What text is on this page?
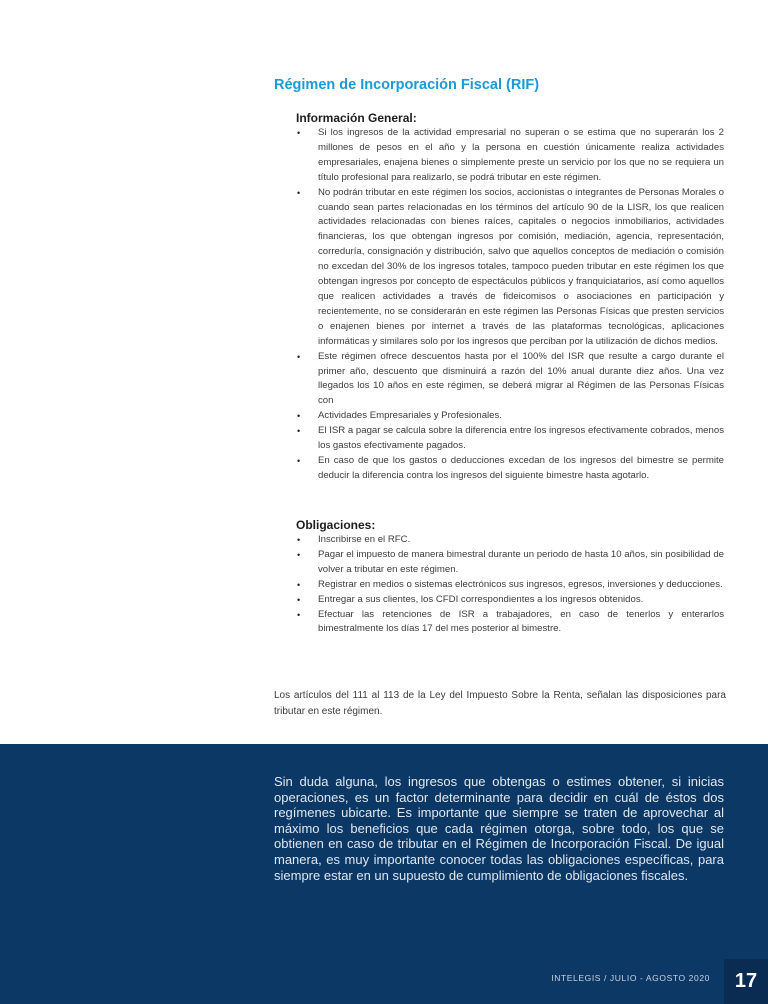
Régimen de Incorporación Fiscal (RIF)
Información General:
• Si los ingresos de la actividad empresarial no superan o se estima que no superarán los 2 millones de pesos en el año y la persona en cuestión únicamente realiza actividades empresariales, enajena bienes o simplemente preste un servicio por los que no se requiera un título profesional para realizarlo, se podrá tributar en este régimen.
• No podrán tributar en este régimen los socios, accionistas o integrantes de Personas Morales o cuando sean partes relacionadas en los términos del artículo 90 de la LISR, los que realicen actividades relacionadas con bienes raíces, capitales o negocios inmobiliarios, actividades financieras, los que obtengan ingresos por comisión, mediación, agencia, representación, correduría, consignación y distribución, salvo que aquellos conceptos de mediación o comisión no excedan del 30% de los ingresos totales, tampoco pueden tributar en este régimen los que obtengan ingresos por concepto de espectáculos públicos y franquiciatarios, así como aquellos que realicen actividades a través de fideicomisos o asociaciones en participación y recientemente, no se considerarán en este régimen las Personas Físicas que presten servicios o enajenen bienes por internet a través de las plataformas tecnológicas, aplicaciones informáticas y similares solo por los ingresos que perciban por la utilización de dichos medios.
• Este régimen ofrece descuentos hasta por el 100% del ISR que resulte a cargo durante el primer año, descuento que disminuirá a razón del 10% anual durante diez años. Una vez llegados los 10 años en este régimen, se deberá migrar al Régimen de las Personas Físicas con
• Actividades Empresariales y Profesionales.
• El ISR a pagar se calcula sobre la diferencia entre los ingresos efectivamente cobrados, menos los gastos efectivamente pagados.
• En caso de que los gastos o deducciones excedan de los ingresos del bimestre se permite deducir la diferencia contra los ingresos del siguiente bimestre hasta agotarlo.
Obligaciones:
• Inscribirse en el RFC.
• Pagar el impuesto de manera bimestral durante un periodo de hasta 10 años, sin posibilidad de volver a tributar en este régimen.
• Registrar en medios o sistemas electrónicos sus ingresos, egresos, inversiones y deducciones.
• Entregar a sus clientes, los CFDI correspondientes a los ingresos obtenidos.
• Efectuar las retenciones de ISR a trabajadores, en caso de tenerlos y enterarlos bimestralmente los días 17 del mes posterior al bimestre.

Los artículos del 111 al 113 de la Ley del Impuesto Sobre la Renta, señalan las disposiciones para tributar en este régimen.

Sin duda alguna, los ingresos que obtengas o estimes obtener, si inicias operaciones, es un factor determinante para decidir en cuál de éstos dos regímenes ubicarte. Es importante que siempre se traten de aprovechar al máximo los beneficios que cada régimen otorga, sobre todo, los que se obtienen en caso de tributar en el Régimen de Incorporación Fiscal. De igual manera, es muy importante conocer todas las obligaciones específicas, para siempre estar en un supuesto de cumplimiento de obligaciones fiscales.

INTELEGIS / JULIO - AGOSTO 2020	17
